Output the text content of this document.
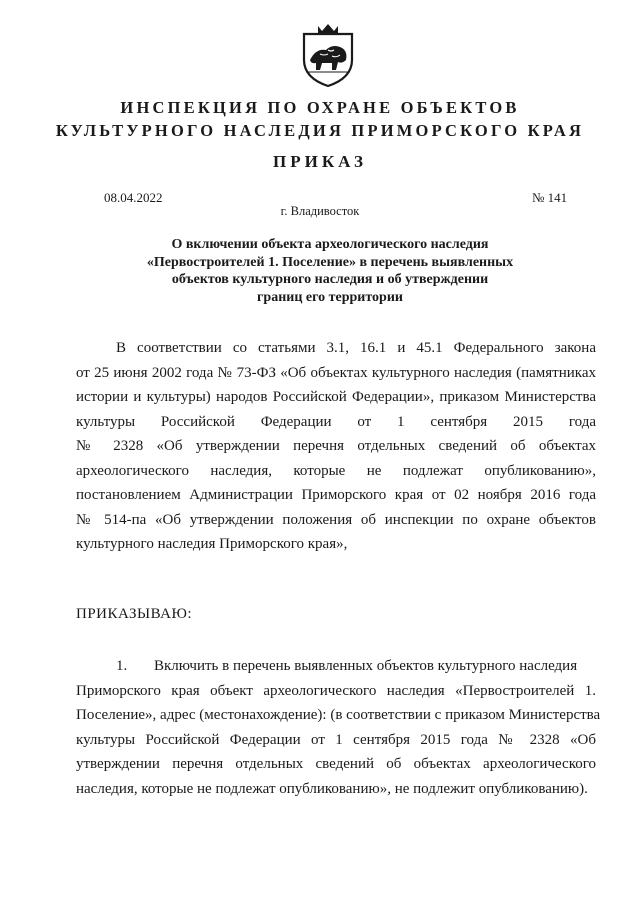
ИНСПЕКЦИЯ ПО ОХРАНЕ ОБЪЕКТОВ
КУЛЬТУРНОГО НАСЛЕДИЯ ПРИМОРСКОГО КРАЯ
ПРИКАЗ
08.04.2022	№ 141
г. Владивосток
О включении объекта археологического наследия
«Первостроителей 1. Поселение» в перечень выявленных
объектов культурного наследия и об утверждении
границ его территории
В соответствии со статьями 3.1, 16.1 и 45.1 Федерального закона
от 25 июня 2002 года № 73-ФЗ «Об объектах культурного наследия (памятниках
истории и культуры) народов Российской Федерации», приказом Министерства
культуры Российской Федерации от 1 сентября 2015 года
№ 2328 «Об утверждении перечня отдельных сведений об объектах
археологического наследия, которые не подлежат опубликованию»,
постановлением Администрации Приморского края от 02 ноября 2016 года
№ 514-па «Об утверждении положения об инспекции по охране объектов
культурного наследия Приморского края»,
ПРИКАЗЫВАЮ:
1. Включить в перечень выявленных объектов культурного наследия
Приморского края объект археологического наследия «Первостроителей 1.
Поселение», адрес (местонахождение): (в соответствии с приказом Министерства
культуры Российской Федерации от 1 сентября 2015 года № 2328 «Об
утверждении перечня отдельных сведений об объектах археологического
наследия, которые не подлежат опубликованию», не подлежит опубликованию).
